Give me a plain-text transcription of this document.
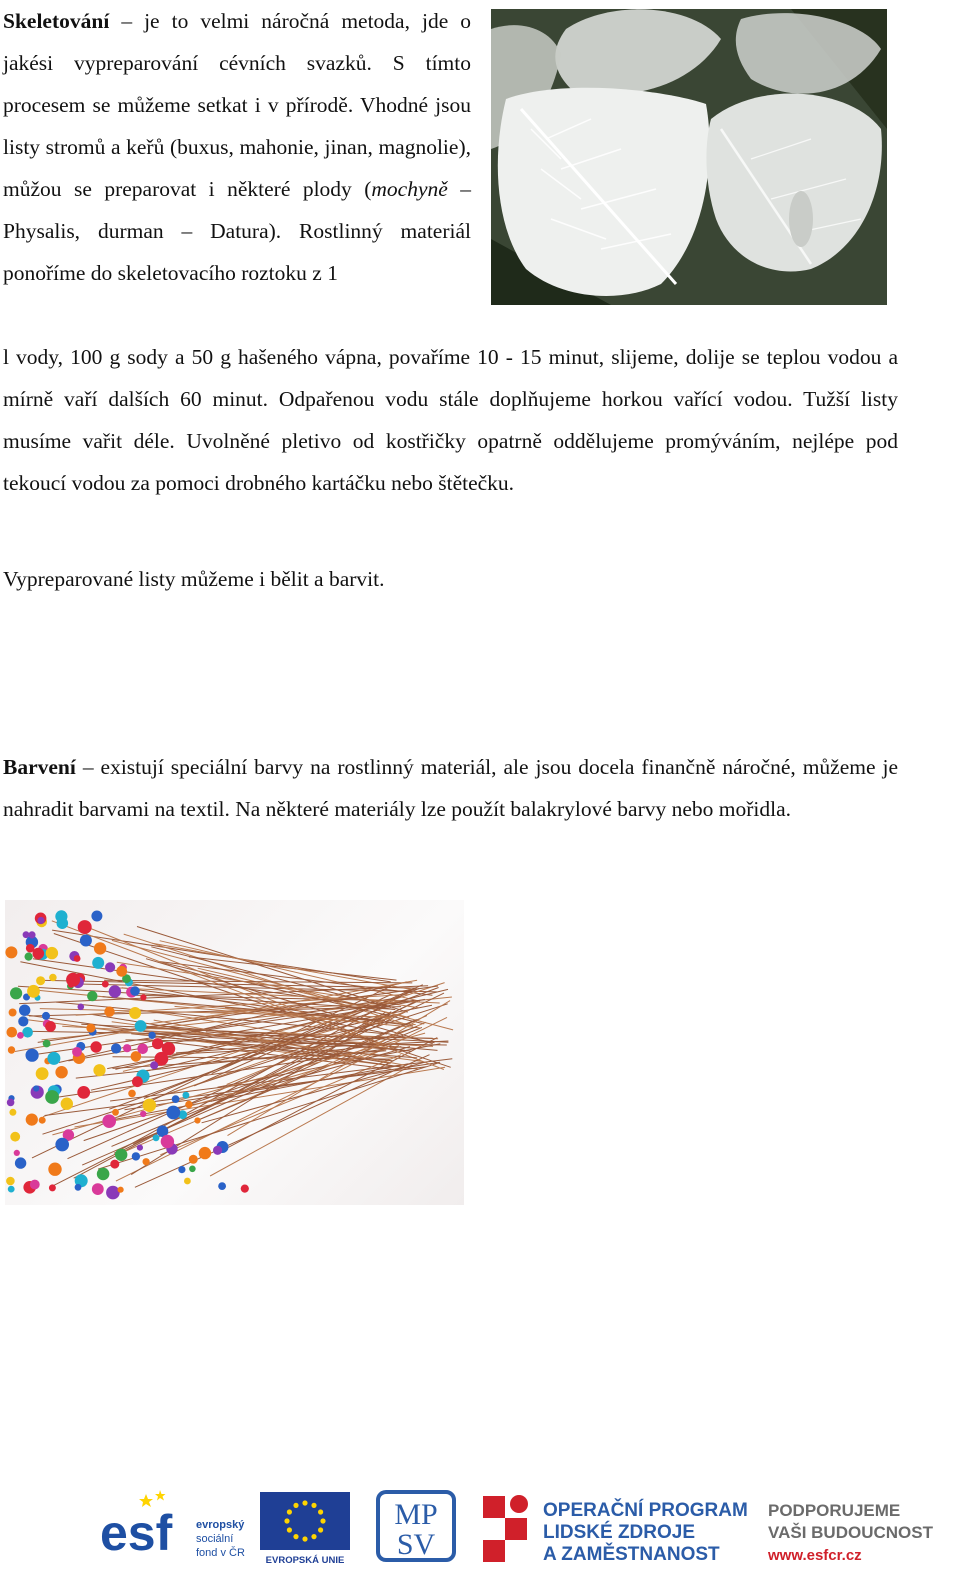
Skeletování – je to velmi náročná metoda, jde o jakési vypreparování cévních svazků. S tímto procesem se můžeme setkat i v přírodě. Vhodné jsou listy stromů a keřů (buxus, mahonie, jinan, magnolie), můžou se preparovat i některé plody (mochyně – Physalis, durman – Datura). Rostlinný materiál ponoříme do skeletovacího roztoku z 1

l vody, 100 g sody a 50 g hašeného vápna, povaříme 10 - 15 minut, slijeme, dolije se teplou vodou a mírně vaří dalších 60 minut. Odpařenou vodu stále doplňujeme horkou vařící vodou. Tužší listy musíme vařit déle. Uvolněné pletivo od kostřičky opatrně oddělujeme promýváním, nejlépe pod tekoucí vodou za pomoci drobného kartáčku nebo štětečku.

Vypreparované listy můžeme i bělit a barvit.

Barvení – existují speciální barvy na rostlinný materiál, ale jsou docela finančně náročné, můžeme je nahradit barvami na textil. Na některé materiály lze použít balakrylové barvy nebo mořidla.

esf evropský
sociální
fond v ČR
EVROPSKÁ UNIE
MP
SV
OPERAČNÍ PROGRAM
LIDSKÉ ZDROJE
A ZAMĚSTNANOST
PODPORUJEME
VAŠI BUDOUCNOST
www.esfcr.cz
